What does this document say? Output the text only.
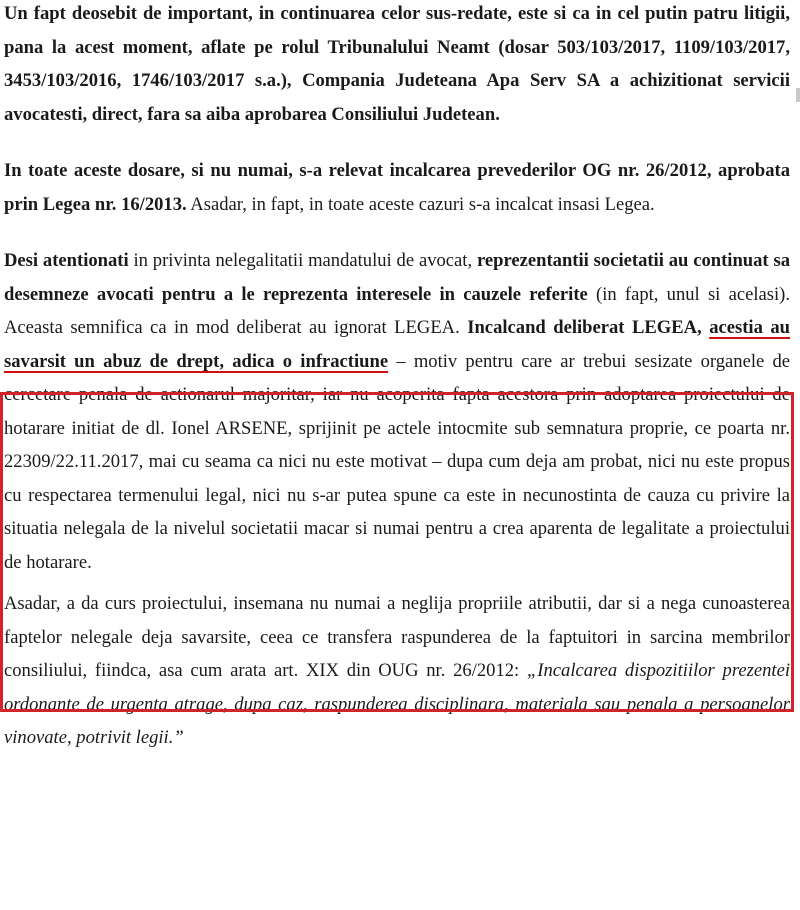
Un fapt deosebit de important, in continuarea celor sus-redate, este si ca in cel putin patru litigii, pana la acest moment, aflate pe rolul Tribunalului Neamt (dosar 503/103/2017, 1109/103/2017, 3453/103/2016, 1746/103/2017 s.a.), Compania Judeteana Apa Serv SA a achizitionat servicii avocatesti, direct, fara sa aiba aprobarea Consiliului Judetean.

In toate aceste dosare, si nu numai, s-a relevat incalcarea prevederilor OG nr. 26/2012, aprobata prin Legea nr. 16/2013. Asadar, in fapt, in toate aceste cazuri s-a incalcat insasi Legea.

Desi atentionati in privinta nelegalitatii mandatului de avocat, reprezentantii societatii au continuat sa desemneze avocati pentru a le reprezenta interesele in cauzele referite (in fapt, unul si acelasi). Aceasta semnifica ca in mod deliberat au ignorat LEGEA. Incalcand deliberat LEGEA, acestia au savarsit un abuz de drept, adica o infractiune – motiv pentru care ar trebui sesizate organele de cercetare penala de actionarul majoritar, iar nu acoperita fapta acestora prin adoptarea proiectului de hotarare initiat de dl. Ionel ARSENE, sprijinit pe actele intocmite sub semnatura proprie, ce poarta nr. 22309/22.11.2017, mai cu seama ca nici nu este motivat – dupa cum deja am probat, nici nu este propus cu respectarea termenului legal, nici nu s-ar putea spune ca este in necunostinta de cauza cu privire la situatia nelegala de la nivelul societatii macar si numai pentru a crea aparenta de legalitate a proiectului de hotarare.

Asadar, a da curs proiectului, insemana nu numai a neglija propriile atributii, dar si a nega cunoasterea faptelor nelegale deja savarsite, ceea ce transfera raspunderea de la faptuitori in sarcina membrilor consiliului, fiindca, asa cum arata art. XIX din OUG nr. 26/2012: „Incalcarea dispozitiilor prezentei ordonante de urgenta atrage, dupa caz, raspunderea disciplinara, materiala sau penala a persoanelor vinovate, potrivit legii.”
